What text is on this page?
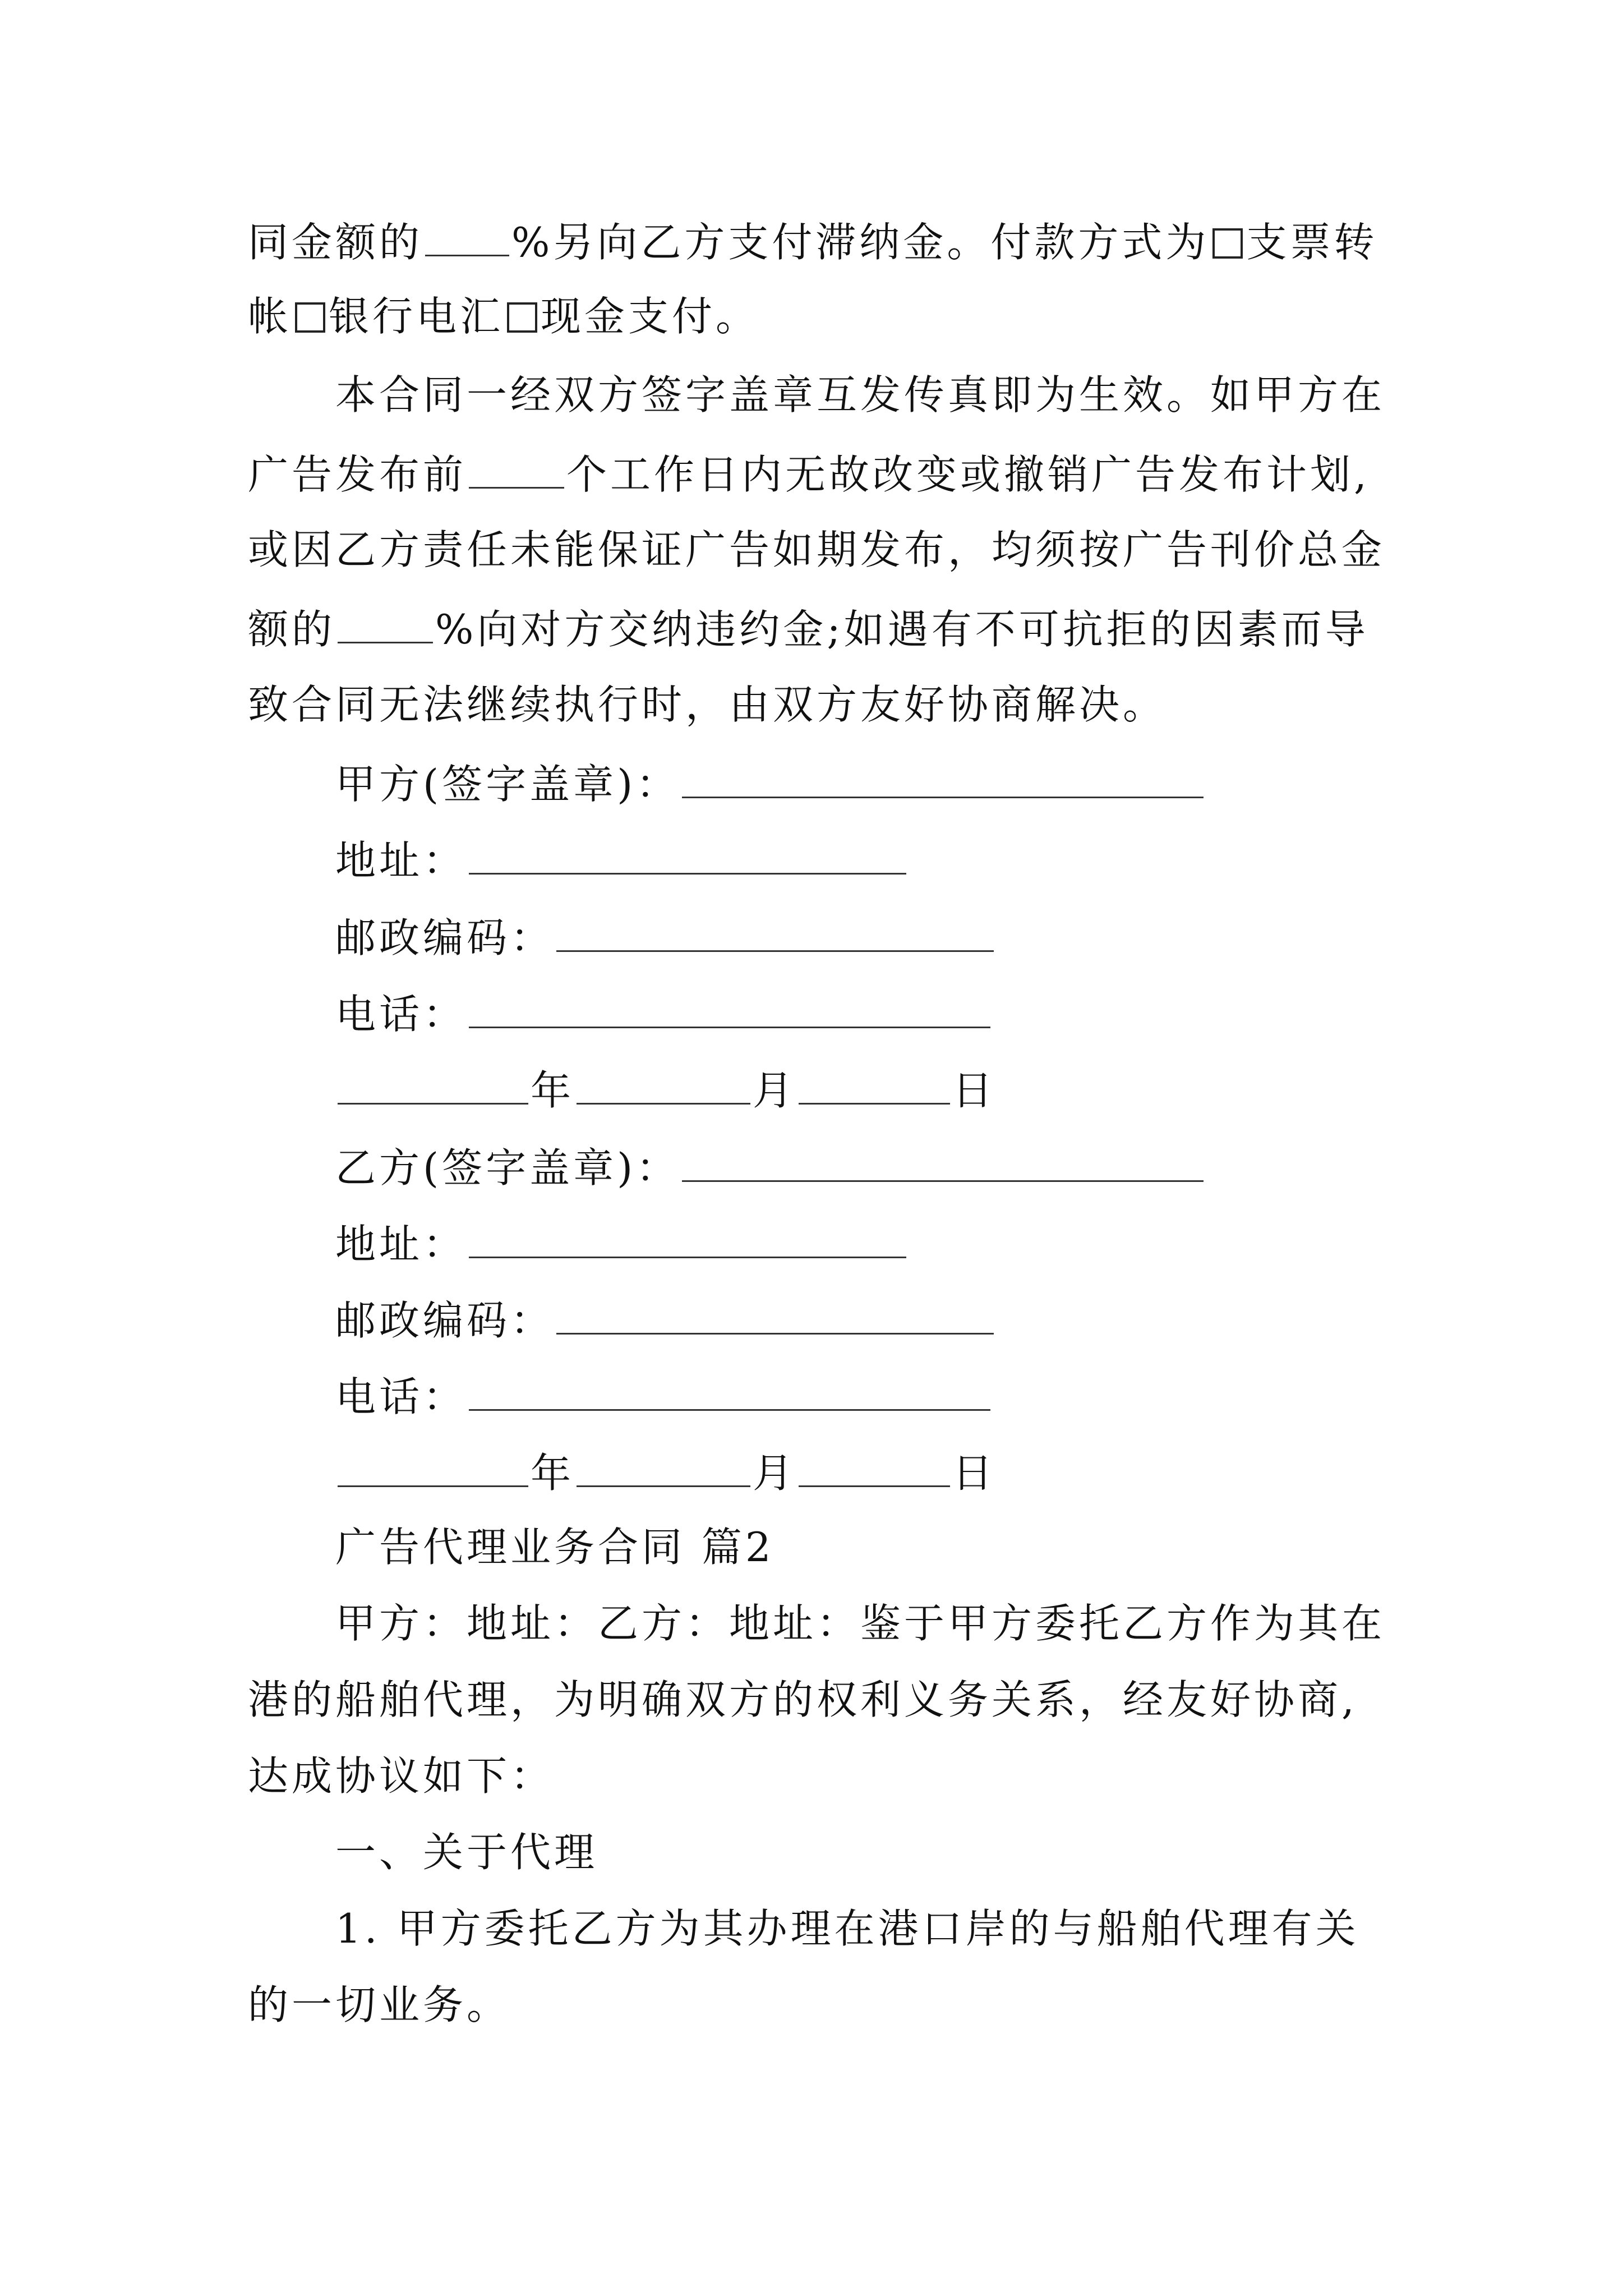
同金额的 %另向乙方支付滞纳金。付款方式为 支票转
帐 银行电汇 现金支付。
本合同一经双方签字盖章互发传真即为生效。如甲方在
广告发布前 个工作日内无故改变或撤销广告发布计划,
或因乙方责任未能保证广告如期发布，均须按广告刊价总金
额的 %向对方交纳违约金;如遇有不可抗拒的因素而导
致合同无法继续执行时，由双方友好协商解决。
甲方(签字盖章)：
地址：
邮政编码：
电话：
年	月	日
乙方(签字盖章)：
地址：
邮政编码：
电话：
年	月	日
广告代理业务合同 篇2
甲方：地址：乙方：地址：鉴于甲方委托乙方作为其在
港的船舶代理，为明确双方的权利义务关系，经友好协商,
达成协议如下：
一、关于代理
1. 甲方委托乙方为其办理在港口岸的与船舶代理有关
的一切业务。
